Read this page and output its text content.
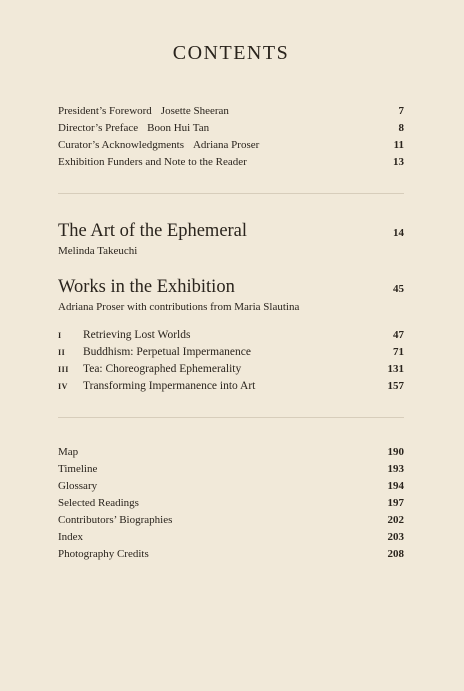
CONTENTS
President’s Foreword Josette Sheeran	7
Director’s Preface Boon Hui Tan	8
Curator’s Acknowledgments Adriana Proser	11
Exhibition Funders and Note to the Reader	13
The Art of the Ephemeral	14
Melinda Takeuchi
Works in the Exhibition	45
Adriana Proser with contributions from Maria Slautina
I	Retrieving Lost Worlds	47
II	Buddhism: Perpetual Impermanence	71
III	Tea: Choreographed Ephemerality	131
IV	Transforming Impermanence into Art	157
Map	190
Timeline	193
Glossary	194
Selected Readings	197
Contributors’ Biographies	202
Index	203
Photography Credits	208
